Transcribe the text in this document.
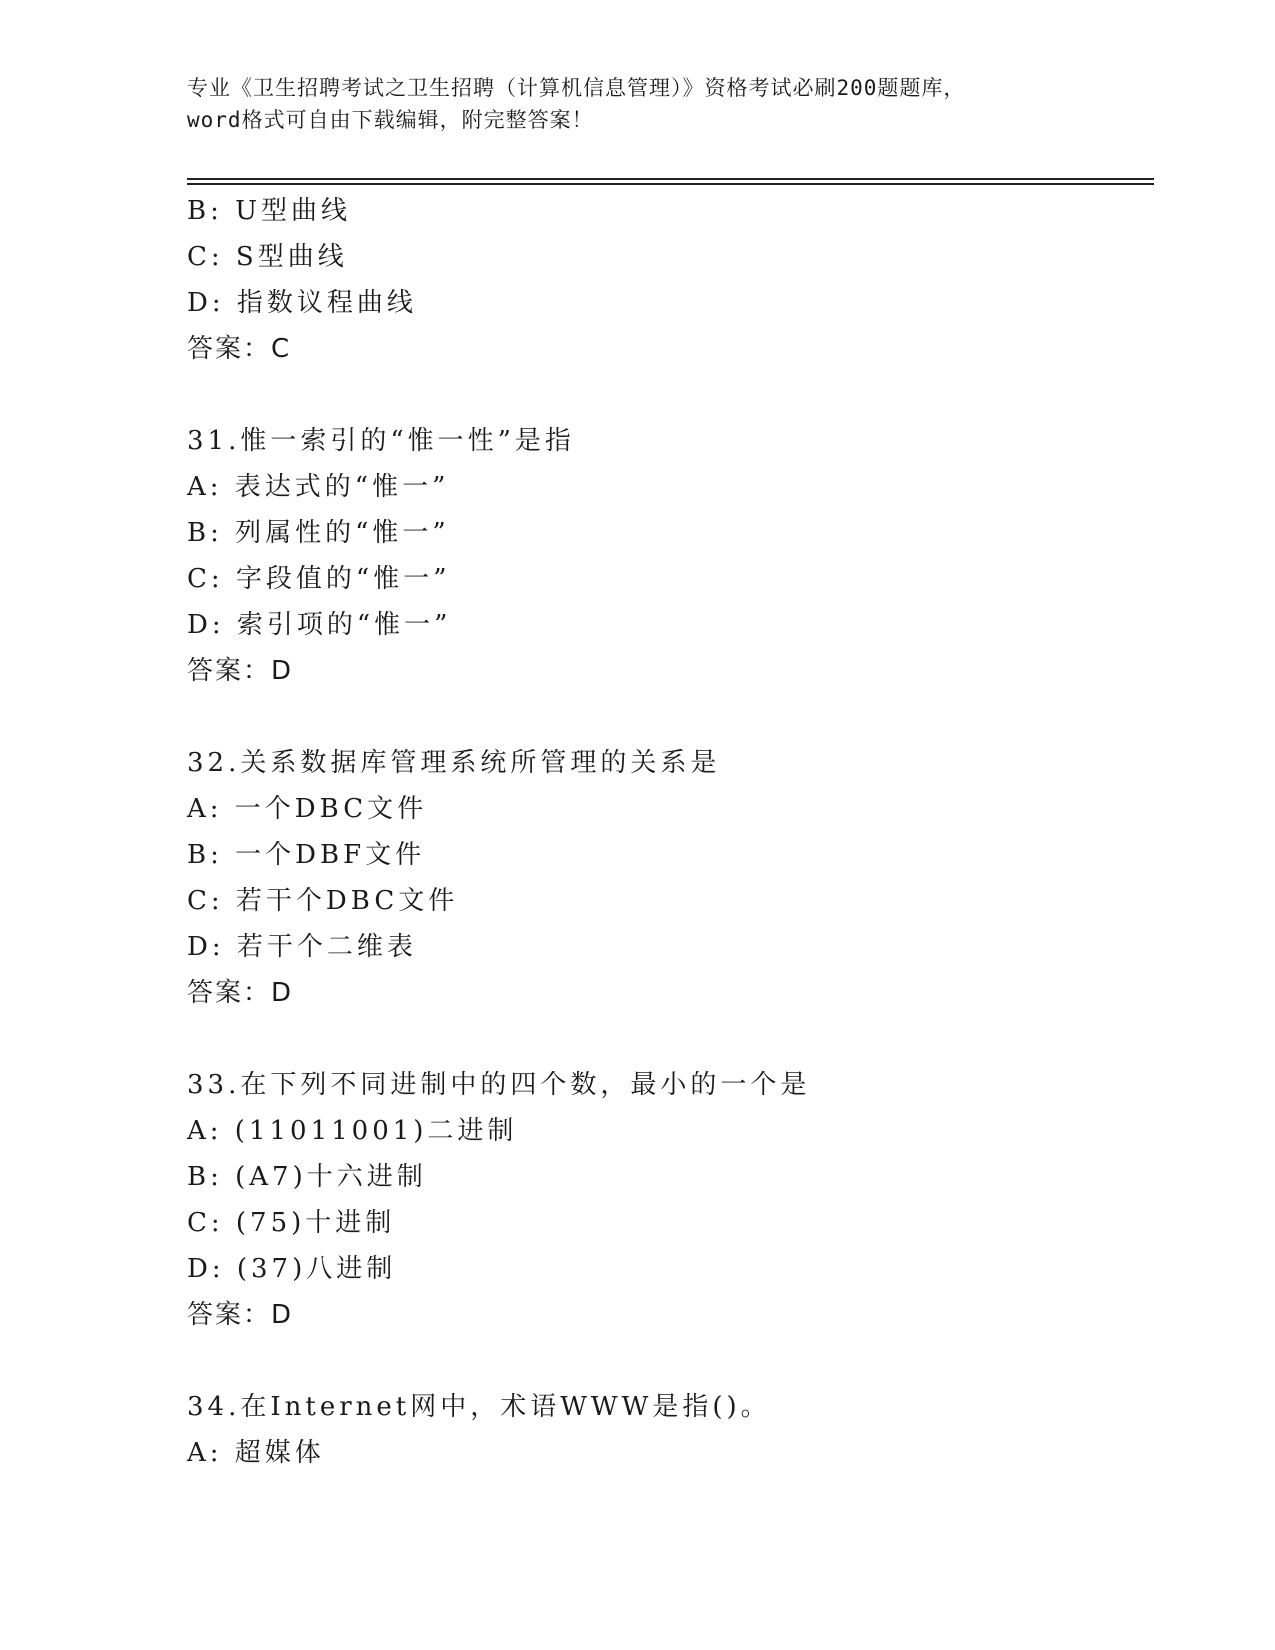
专业《卫生招聘考试之卫生招聘（计算机信息管理）》资格考试必刷200题题库，
word格式可自由下载编辑，附完整答案！
B: U型曲线
C: S型曲线
D: 指数议程曲线
答案：C
31.惟一索引的“惟一性”是指
A: 表达式的“惟一”
B: 列属性的“惟一”
C: 字段值的“惟一”
D: 索引项的“惟一”
答案：D
32.关系数据库管理系统所管理的关系是
A: 一个DBC文件
B: 一个DBF文件
C: 若干个DBC文件
D: 若干个二维表
答案：D
33.在下列不同进制中的四个数，最小的一个是
A: (11011001)二进制
B: (A7)十六进制
C: (75)十进制
D: (37)八进制
答案：D
34.在Internet网中，术语WWW是指()。
A: 超媒体
